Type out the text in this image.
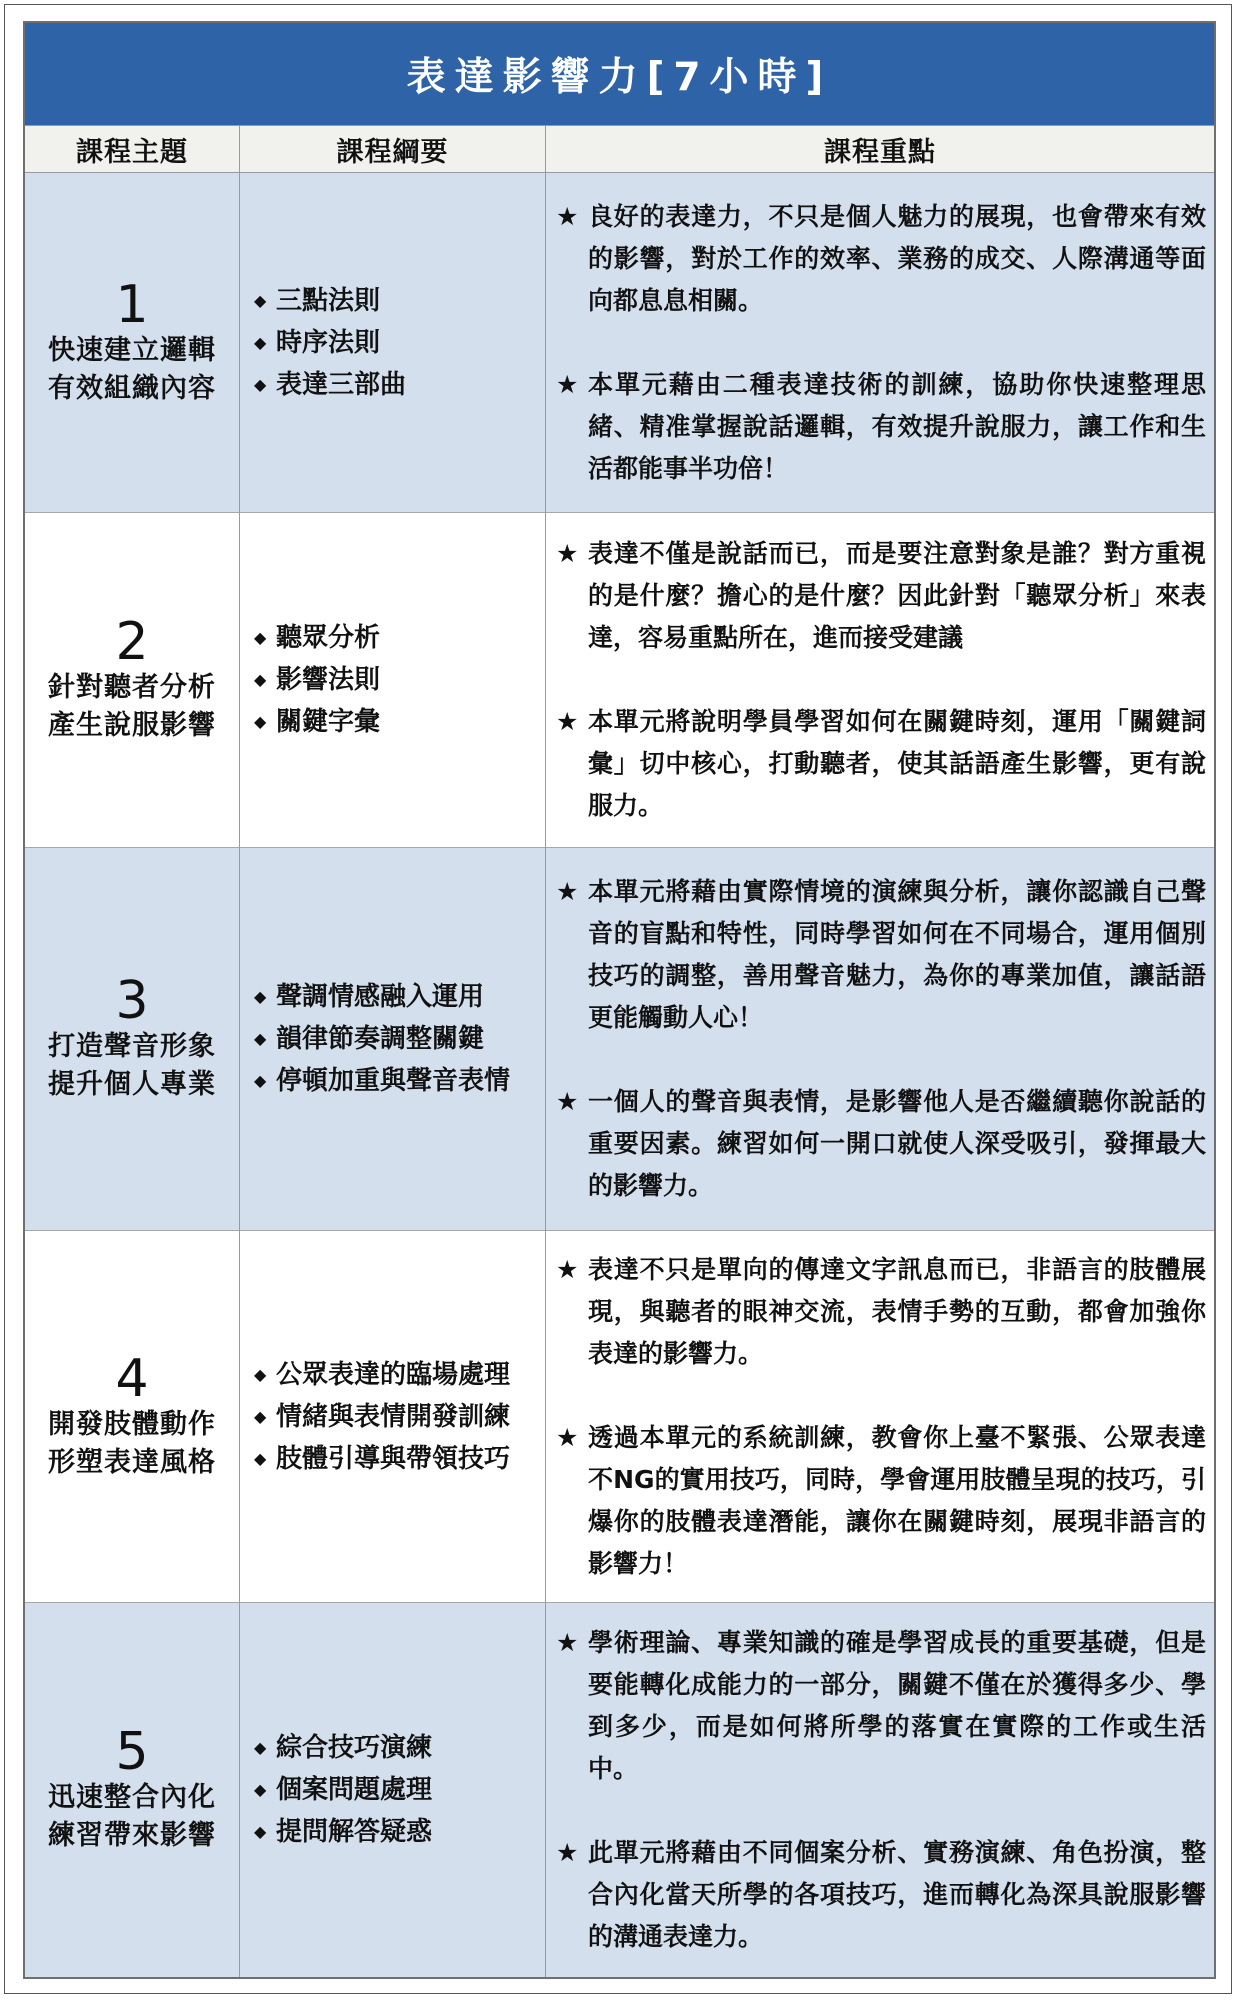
表達影響力[7小時]
課程主題	課程綱要	課程重點
1
快速建立邏輯
有效組織內容
◆ 三點法則
◆ 時序法則
◆ 表達三部曲
★ 良好的表達力，不只是個人魅力的展現，也會帶來有效的影響，對於工作的效率、業務的成交、人際溝通等面向都息息相關。
★ 本單元藉由二種表達技術的訓練，協助你快速整理思緒、精准掌握說話邏輯，有效提升說服力，讓工作和生活都能事半功倍！
2
針對聽者分析
產生說服影響
◆ 聽眾分析
◆ 影響法則
◆ 關鍵字彙
★ 表達不僅是說話而已，而是要注意對象是誰？對方重視的是什麼？擔心的是什麼？因此針對「聽眾分析」來表達，容易重點所在，進而接受建議
★ 本單元將說明學員學習如何在關鍵時刻，運用「關鍵詞彙」切中核心，打動聽者，使其話語產生影響，更有說服力。
3
打造聲音形象
提升個人專業
◆ 聲調情感融入運用
◆ 韻律節奏調整關鍵
◆ 停頓加重與聲音表情
★ 本單元將藉由實際情境的演練與分析，讓你認識自己聲音的盲點和特性，同時學習如何在不同場合，運用個別技巧的調整，善用聲音魅力，為你的專業加值，讓話語更能觸動人心！
★ 一個人的聲音與表情，是影響他人是否繼續聽你說話的重要因素。練習如何一開口就使人深受吸引，發揮最大的影響力。
4
開發肢體動作
形塑表達風格
◆ 公眾表達的臨場處理
◆ 情緒與表情開發訓練
◆ 肢體引導與帶領技巧
★ 表達不只是單向的傳達文字訊息而已，非語言的肢體展現，與聽者的眼神交流，表情手勢的互動，都會加強你表達的影響力。
★ 透過本單元的系統訓練，教會你上臺不緊張、公眾表達不NG的實用技巧，同時，學會運用肢體呈現的技巧，引爆你的肢體表達潛能，讓你在關鍵時刻，展現非語言的影響力！
5
迅速整合內化
練習帶來影響
◆ 綜合技巧演練
◆ 個案問題處理
◆ 提問解答疑惑
★ 學術理論、專業知識的確是學習成長的重要基礎，但是要能轉化成能力的一部分，關鍵不僅在於獲得多少、學到多少，而是如何將所學的落實在實際的工作或生活中。
★ 此單元將藉由不同個案分析、實務演練、角色扮演，整合內化當天所學的各項技巧，進而轉化為深具說服影響的溝通表達力。
